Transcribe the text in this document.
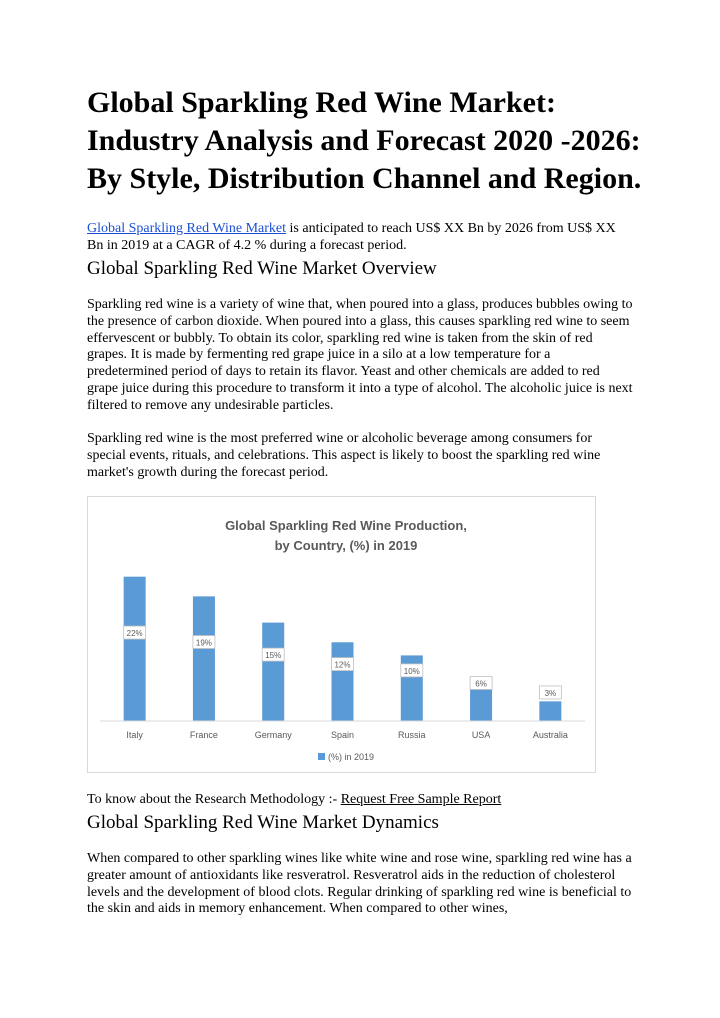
Global Sparkling Red Wine Market:
Industry Analysis and Forecast 2020 -2026:
By Style, Distribution Channel and Region.

Global Sparkling Red Wine Market is anticipated to reach US$ XX Bn by 2026 from US$ XX Bn in 2019 at a CAGR of 4.2 % during a forecast period.

Global Sparkling Red Wine Market Overview

Sparkling red wine is a variety of wine that, when poured into a glass, produces bubbles owing to the presence of carbon dioxide. When poured into a glass, this causes sparkling red wine to seem effervescent or bubbly. To obtain its color, sparkling red wine is taken from the skin of red grapes. It is made by fermenting red grape juice in a silo at a low temperature for a predetermined period of days to retain its flavor. Yeast and other chemicals are added to red grape juice during this procedure to transform it into a type of alcohol. The alcoholic juice is next filtered to remove any undesirable particles.

Sparkling red wine is the most preferred wine or alcoholic beverage among consumers for special events, rituals, and celebrations. This aspect is likely to boost the sparkling red wine market's growth during the forecast period.

Global Sparkling Red Wine Production,
by Country, (%) in 2019
22%
Italy
19%
France
15%
Germany
12%
Spain
10%
Russia
6%
USA
3%
Australia
(%) in 2019

To know about the Research Methodology :- Request Free Sample Report

Global Sparkling Red Wine Market Dynamics

When compared to other sparkling wines like white wine and rose wine, sparkling red wine has a greater amount of antioxidants like resveratrol. Resveratrol aids in the reduction of cholesterol levels and the development of blood clots. Regular drinking of sparkling red wine is beneficial to the skin and aids in memory enhancement. When compared to other wines,
